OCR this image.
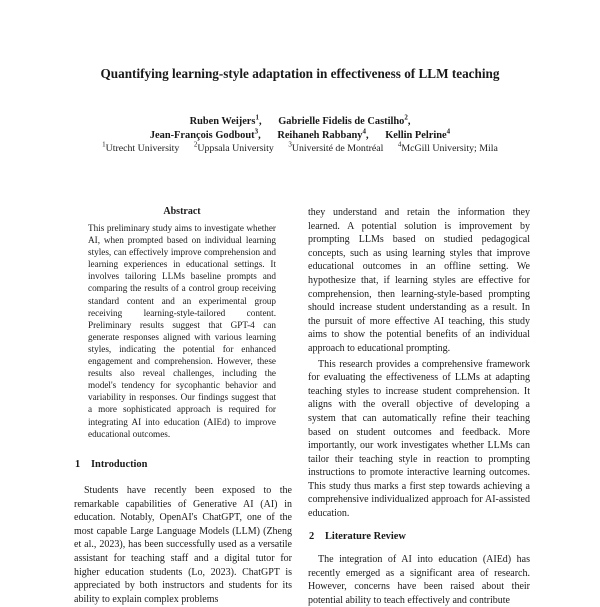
Quantifying learning-style adaptation in effectiveness of LLM teaching
Ruben Weijers$^1$, Gabrielle Fidelis de Castilho$^2$,
Jean-François Godbout$^3$, Reihaneh Rabbany$^4$, Kellin Pelrine$^4$
$^1$Utrecht University $^2$Uppsala University $^3$Université de Montréal $^4$McGill University; Mila
Abstract
This preliminary study aims to investigate whether AI, when prompted based on individual learning styles, can effectively improve comprehension and learning experiences in educational settings. It involves tailoring LLMs baseline prompts and comparing the results of a control group receiving standard content and an experimental group receiving learning-style-tailored content. Preliminary results suggest that GPT-4 can generate responses aligned with various learning styles, indicating the potential for enhanced engagement and comprehension. However, these results also reveal challenges, including the model's tendency for sycophantic behavior and variability in responses. Our findings suggest that a more sophisticated approach is required for integrating AI into education (AIEd) to improve educational outcomes.
1 Introduction

Students have recently been exposed to the remarkable capabilities of Generative AI (AI) in education. Notably, OpenAI's ChatGPT, one of the most capable Large Language Models (LLM) (Zheng et al., 2023), has been successfully used as a versatile assistant for teaching staff and a digital tutor for higher education students (Lo, 2023). ChatGPT is appreciated by both instructors and students for its ability to explain complex problems

they understand and retain the information they learned. A potential solution is improvement by prompting LLMs based on studied pedagogical concepts, such as using learning styles that improve educational outcomes in an offline setting. We hypothesize that, if learning styles are effective for comprehension, then learning-style-based prompting should increase student understanding as a result. In the pursuit of more effective AI teaching, this study aims to show the potential benefits of an individual approach to educational prompting.

This research provides a comprehensive framework for evaluating the effectiveness of LLMs at adapting teaching styles to increase student comprehension. It aligns with the overall objective of developing a system that can automatically refine their teaching based on student outcomes and feedback. More importantly, our work investigates whether LLMs can tailor their teaching style in reaction to prompting instructions to promote interactive learning outcomes. This study thus marks a first step towards achieving a comprehensive individualized approach for AI-assisted education.

2 Literature Review

The integration of AI into education (AIEd) has recently emerged as a significant area of research. However, concerns have been raised about their potential ability to teach effectively and contribute
